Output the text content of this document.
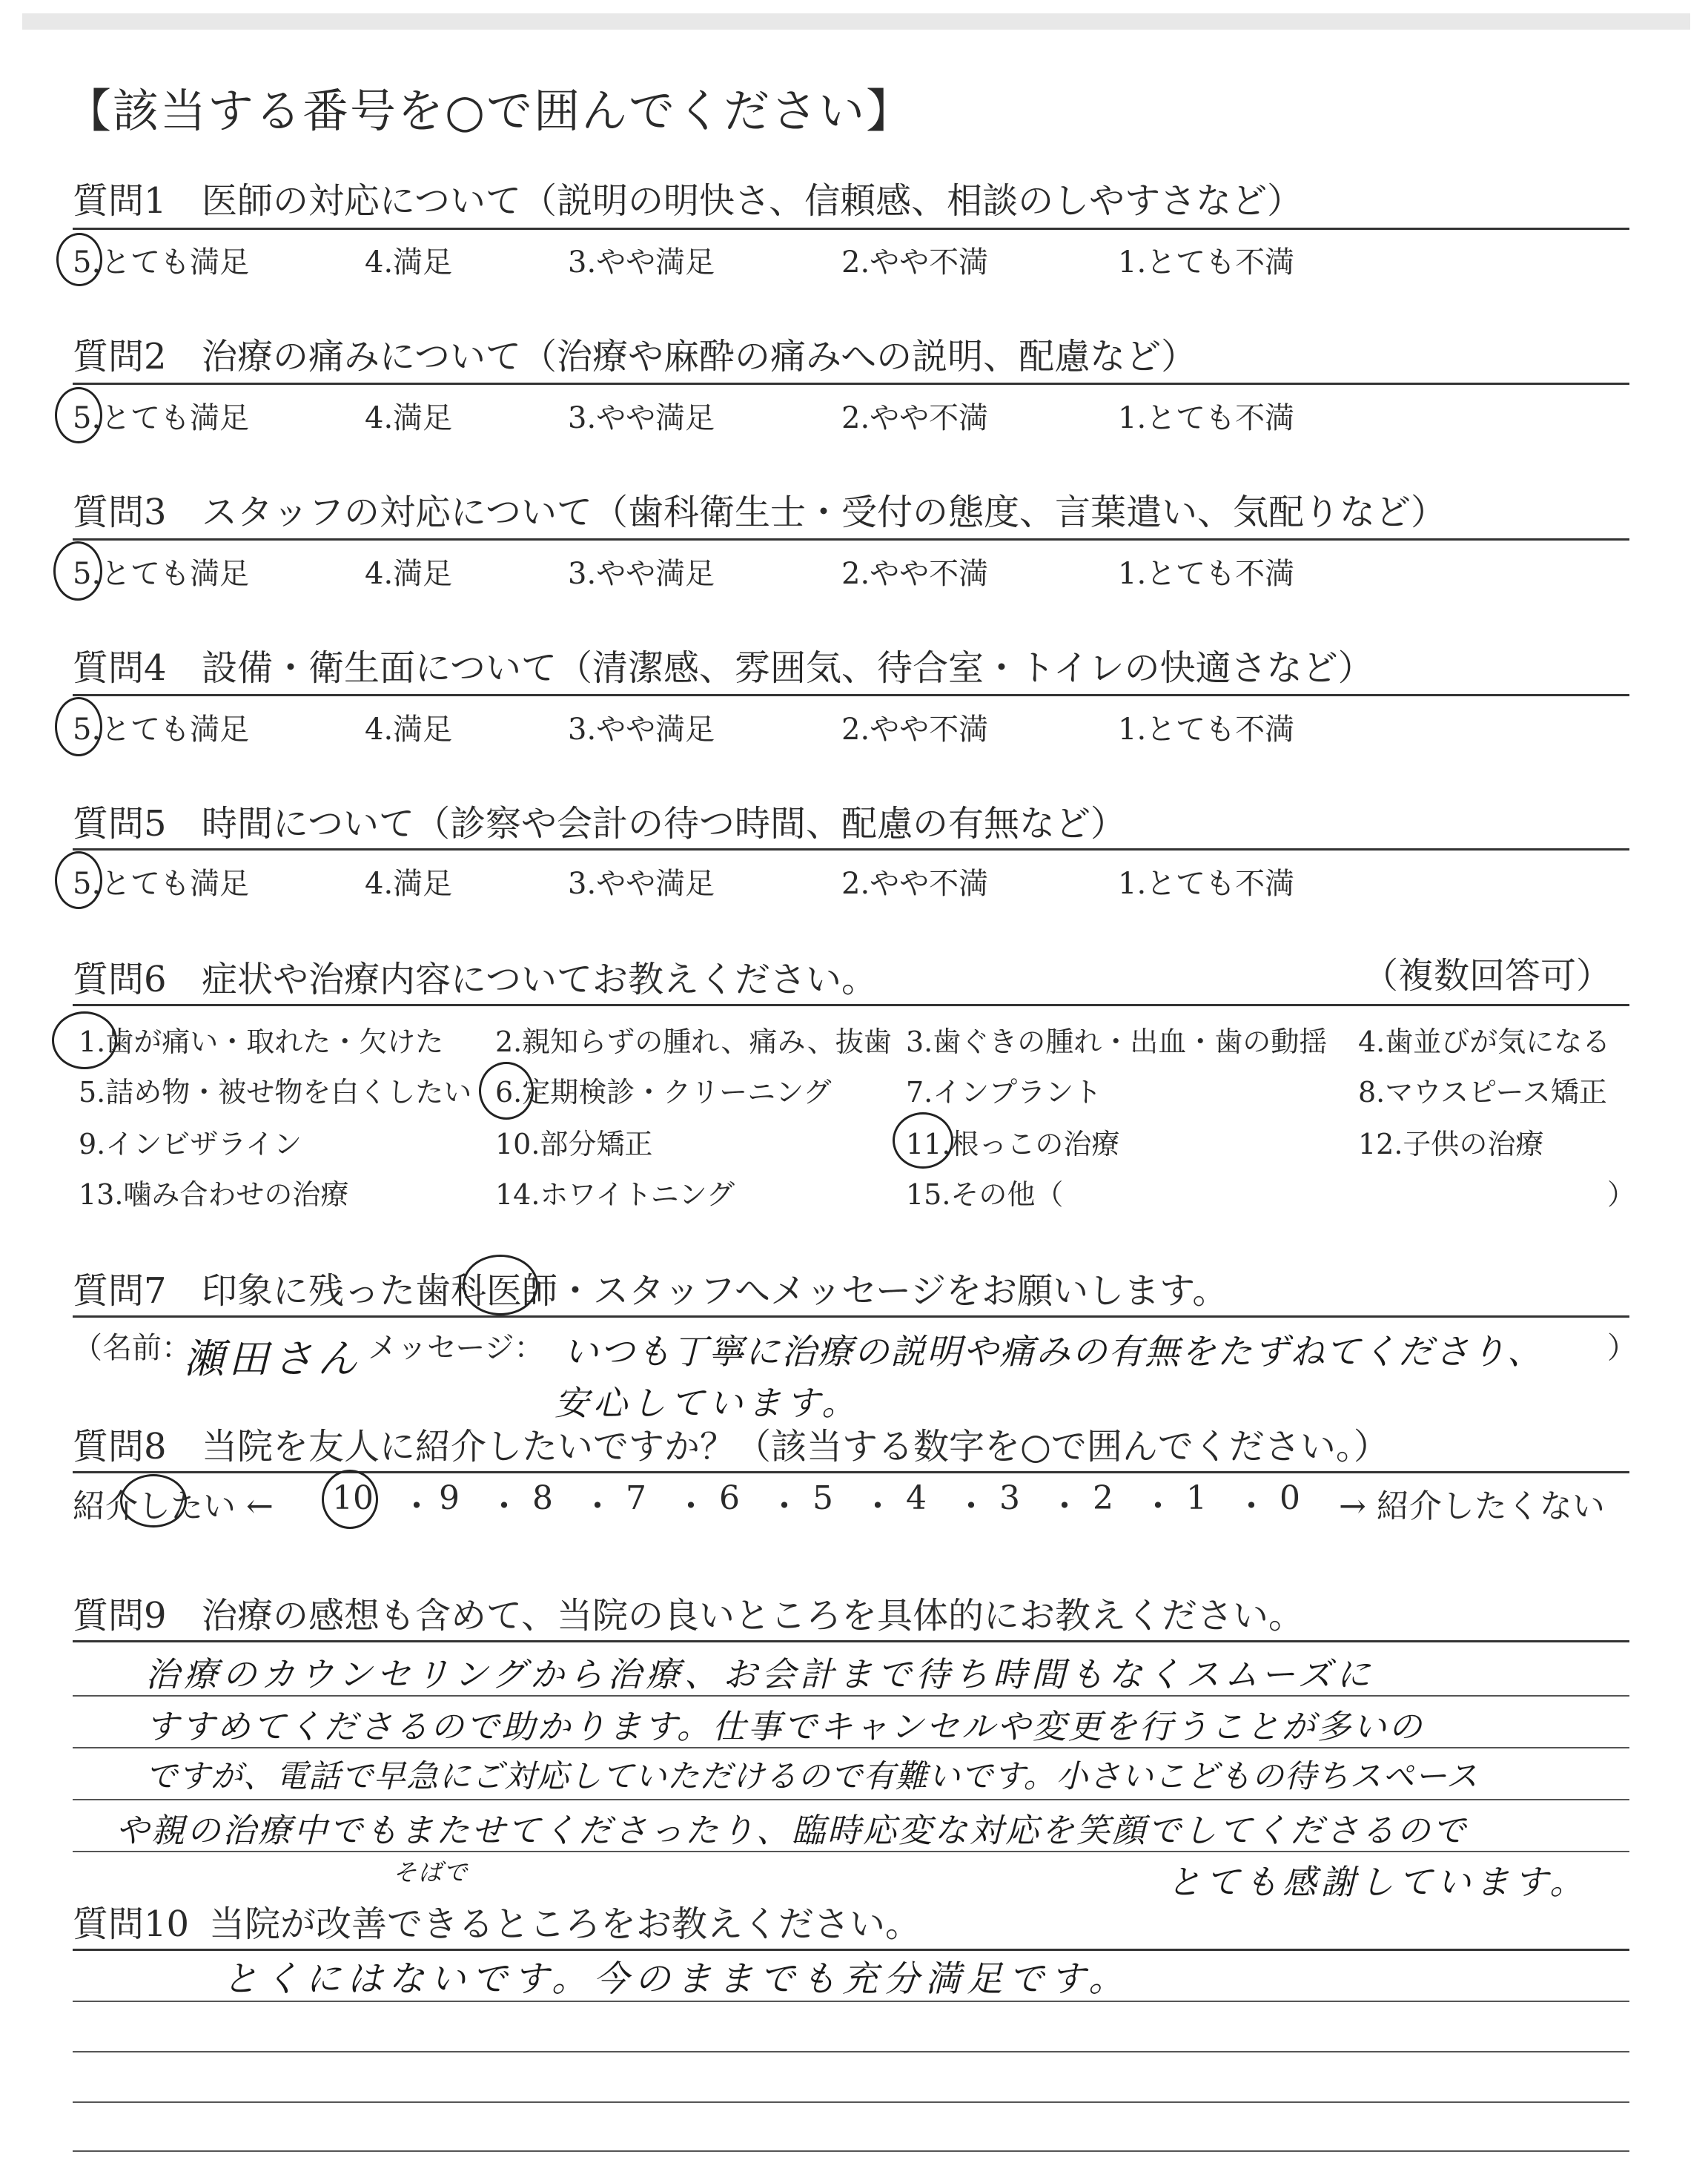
【該当する番号を○で囲んでください】
質問1 医師の対応について（説明の明快さ、信頼感、相談のしやすさなど）
5.とても満足	4.満足	3.やや満足	2.やや不満	1.とても不満
質問2 治療の痛みについて（治療や麻酔の痛みへの説明、配慮など）
5.とても満足	4.満足	3.やや満足	2.やや不満	1.とても不満
質問3 スタッフの対応について（歯科衛生士・受付の態度、言葉遣い、気配りなど）
5.とても満足	4.満足	3.やや満足	2.やや不満	1.とても不満
質問4 設備・衛生面について（清潔感、雰囲気、待合室・トイレの快適さなど）
5.とても満足	4.満足	3.やや満足	2.やや不満	1.とても不満
質問5 時間について（診察や会計の待つ時間、配慮の有無など）
5.とても満足	4.満足	3.やや満足	2.やや不満	1.とても不満
質問6 症状や治療内容についてお教えください。	（複数回答可）
1.歯が痛い・取れた・欠けた 2.親知らずの腫れ、痛み、抜歯 3.歯ぐきの腫れ・出血・歯の動揺 4.歯並びが気になる
5.詰め物・被せ物を白くしたい 6.定期検診・クリーニング	7.インプラント	8.マウスピース矯正
9.インビザライン	10.部分矯正	11.根っこの治療	12.子供の治療
13.噛み合わせの治療	14.ホワイトニング	15.その他（	）
質問7 印象に残った歯科医師・スタッフへメッセージをお願いします。
（名前：
瀬田さん メッセージ： いつも丁寧に治療の説明や痛みの有無をたずねてくださり、
安心しています。
）
質問8 当院を友人に紹介したいですか？（該当する数字を○で囲んでください。）
紹介したい ← 10 ・ 9 ・ 8 ・ 7 ・ 6 ・ 5 ・ 4 ・ 3 ・ 2 ・ 1 ・ 0 → 紹介したくない
質問9 治療の感想も含めて、当院の良いところを具体的にお教えください。
治療のカウンセリングから治療、お会計まで待ち時間もなくスムーズに
すすめてくださるので助かります。仕事でキャンセルや変更を行うことが多いの
ですが、電話で早急にご対応していただけるので有難いです。小さいこどもの待ちスペース
や親の治療中でもまたせてくださったり、臨時応変な対応を笑顔でしてくださるので
そばで	とても感謝しています。
質問10 当院が改善できるところをお教えください。
とくにはないです。今のままでも充分満足です。
